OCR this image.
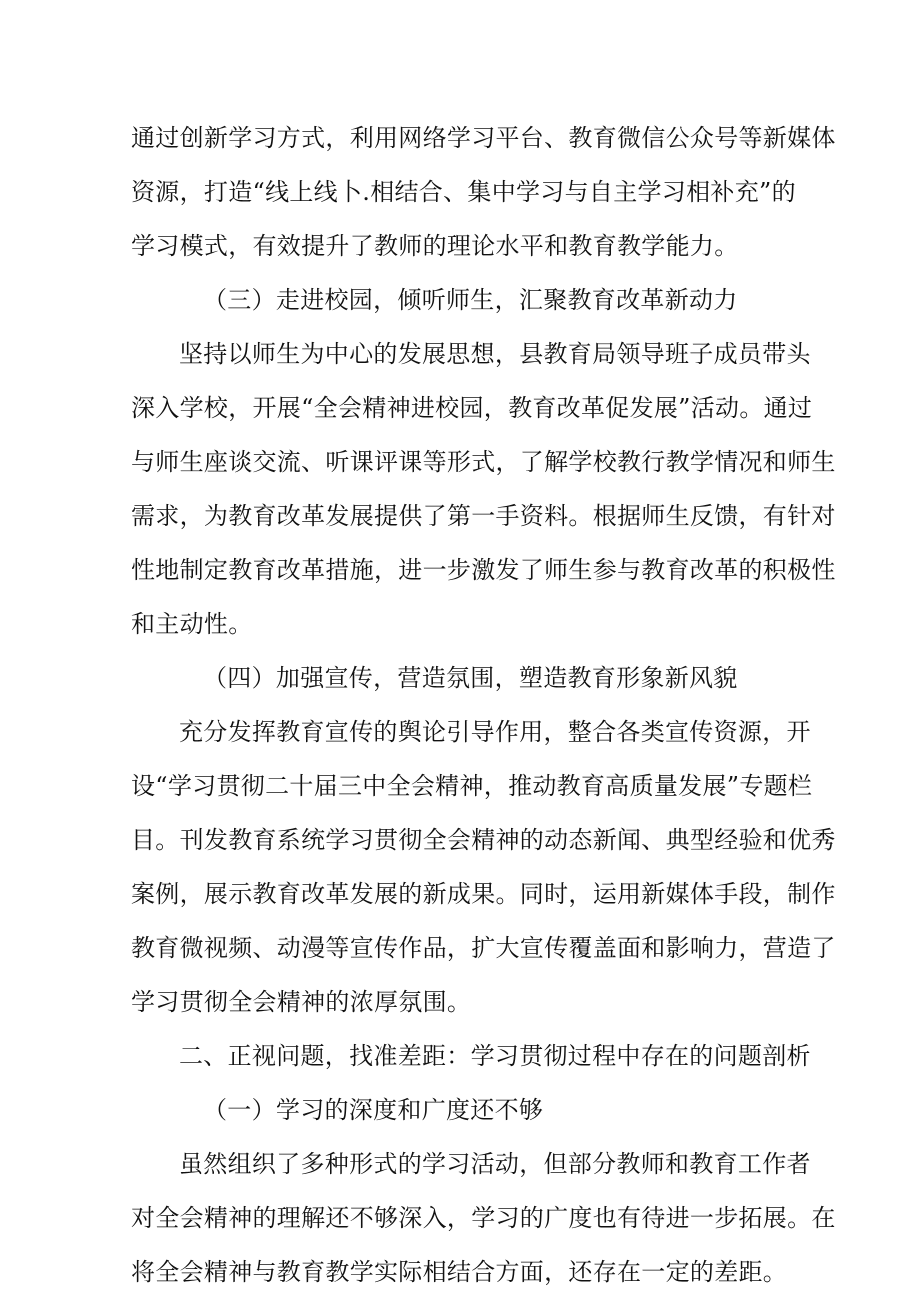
通过创新学习方式，利用网络学习平台、教育微信公众号等新媒体
资源，打造“线上线卜.相结合、集中学习与自主学习相补充”的
学习模式，有效提升了教师的理论水平和教育教学能力。
（三）走进校园，倾听师生，汇聚教育改革新动力
坚持以师生为中心的发展思想，县教育局领导班子成员带头
深入学校，开展“全会精神进校园，教育改革促发展”活动。通过
与师生座谈交流、听课评课等形式，了解学校教行教学情况和师生
需求，为教育改革发展提供了第一手资料。根据师生反馈，有针对
性地制定教育改革措施，进一步激发了师生参与教育改革的积极性
和主动性。
（四）加强宣传，营造氛围，塑造教育形象新风貌
充分发挥教育宣传的舆论引导作用，整合各类宣传资源，开
设“学习贯彻二十届三中全会精神，推动教育高质量发展”专题栏
目。刊发教育系统学习贯彻全会精神的动态新闻、典型经验和优秀
案例，展示教育改革发展的新成果。同时，运用新媒体手段，制作
教育微视频、动漫等宣传作品，扩大宣传覆盖面和影响力，营造了
学习贯彻全会精神的浓厚氛围。
二、正视问题，找准差距：学习贯彻过程中存在的问题剖析
（一）学习的深度和广度还不够
虽然组织了多种形式的学习活动，但部分教师和教育工作者
对全会精神的理解还不够深入，学习的广度也有待进一步拓展。在
将全会精神与教育教学实际相结合方面，还存在一定的差距。
